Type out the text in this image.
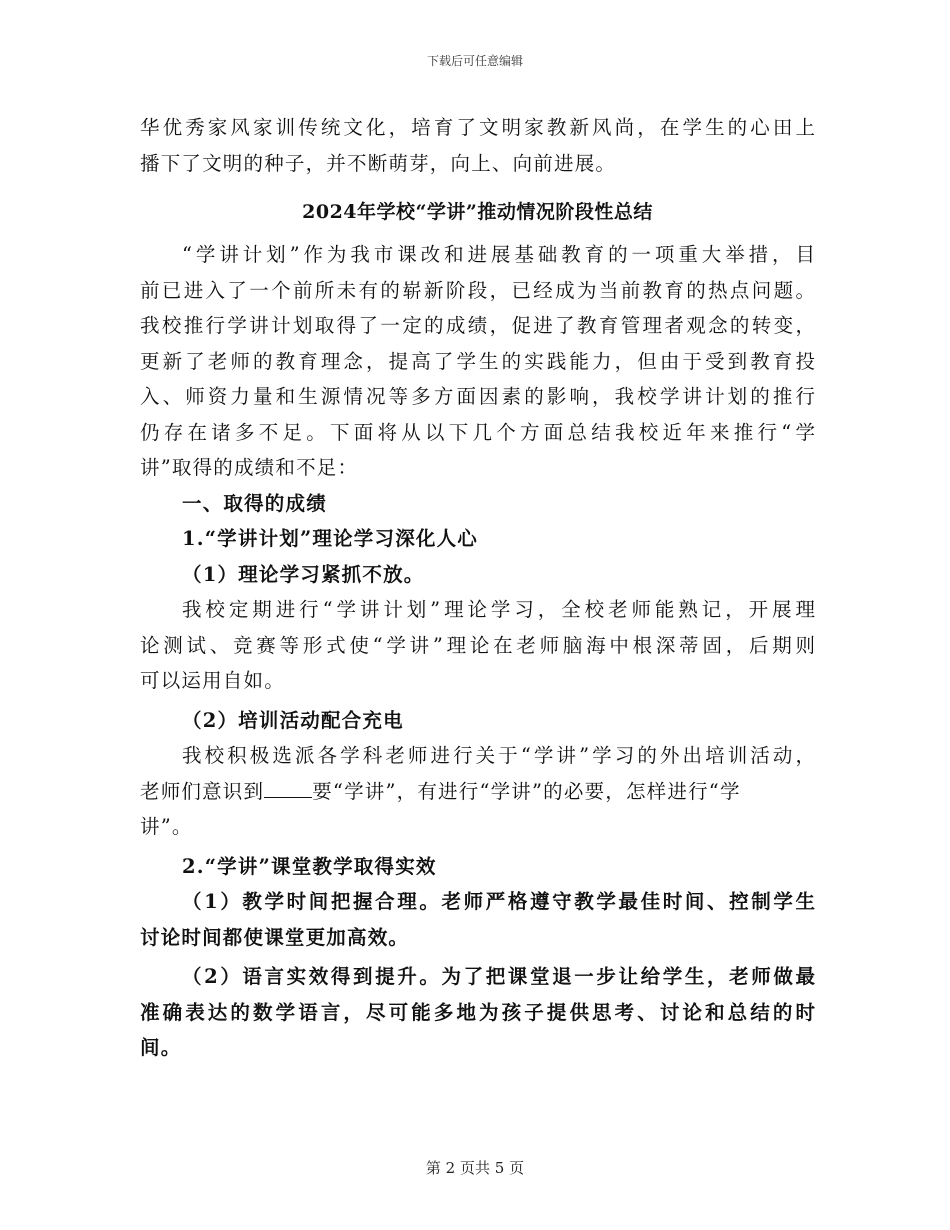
下载后可任意编辑
华优秀家风家训传统文化，培育了文明家教新风尚，在学生的心田上
播下了文明的种子，并不断萌芽，向上、向前进展。
2024年学校“学讲”推动情况阶段性总结
“学讲计划”作为我市课改和进展基础教育的一项重大举措，目
前已进入了一个前所未有的崭新阶段，已经成为当前教育的热点问题。
我校推行学讲计划取得了一定的成绩，促进了教育管理者观念的转变，
更新了老师的教育理念，提高了学生的实践能力，但由于受到教育投
入、师资力量和生源情况等多方面因素的影响，我校学讲计划的推行
仍存在诸多不足。下面将从以下几个方面总结我校近年来推行“学
讲”取得的成绩和不足：
一、取得的成绩
1.“学讲计划”理论学习深化人心
（1）理论学习紧抓不放。
我校定期进行“学讲计划”理论学习，全校老师能熟记，开展理
论测试、竞赛等形式使“学讲”理论在老师脑海中根深蒂固，后期则
可以运用自如。
（2）培训活动配合充电
我校积极选派各学科老师进行关于“学讲”学习的外出培训活动，
老师们意识到 要“学讲”，有进行“学讲”的必要，怎样进行“学
讲”。
2.“学讲”课堂教学取得实效
（1）教学时间把握合理。老师严格遵守教学最佳时间、控制学生
讨论时间都使课堂更加高效。
（2）语言实效得到提升。为了把课堂退一步让给学生，老师做最
准确表达的数学语言，尽可能多地为孩子提供思考、讨论和总结的时
间。
第 2 页共 5 页
